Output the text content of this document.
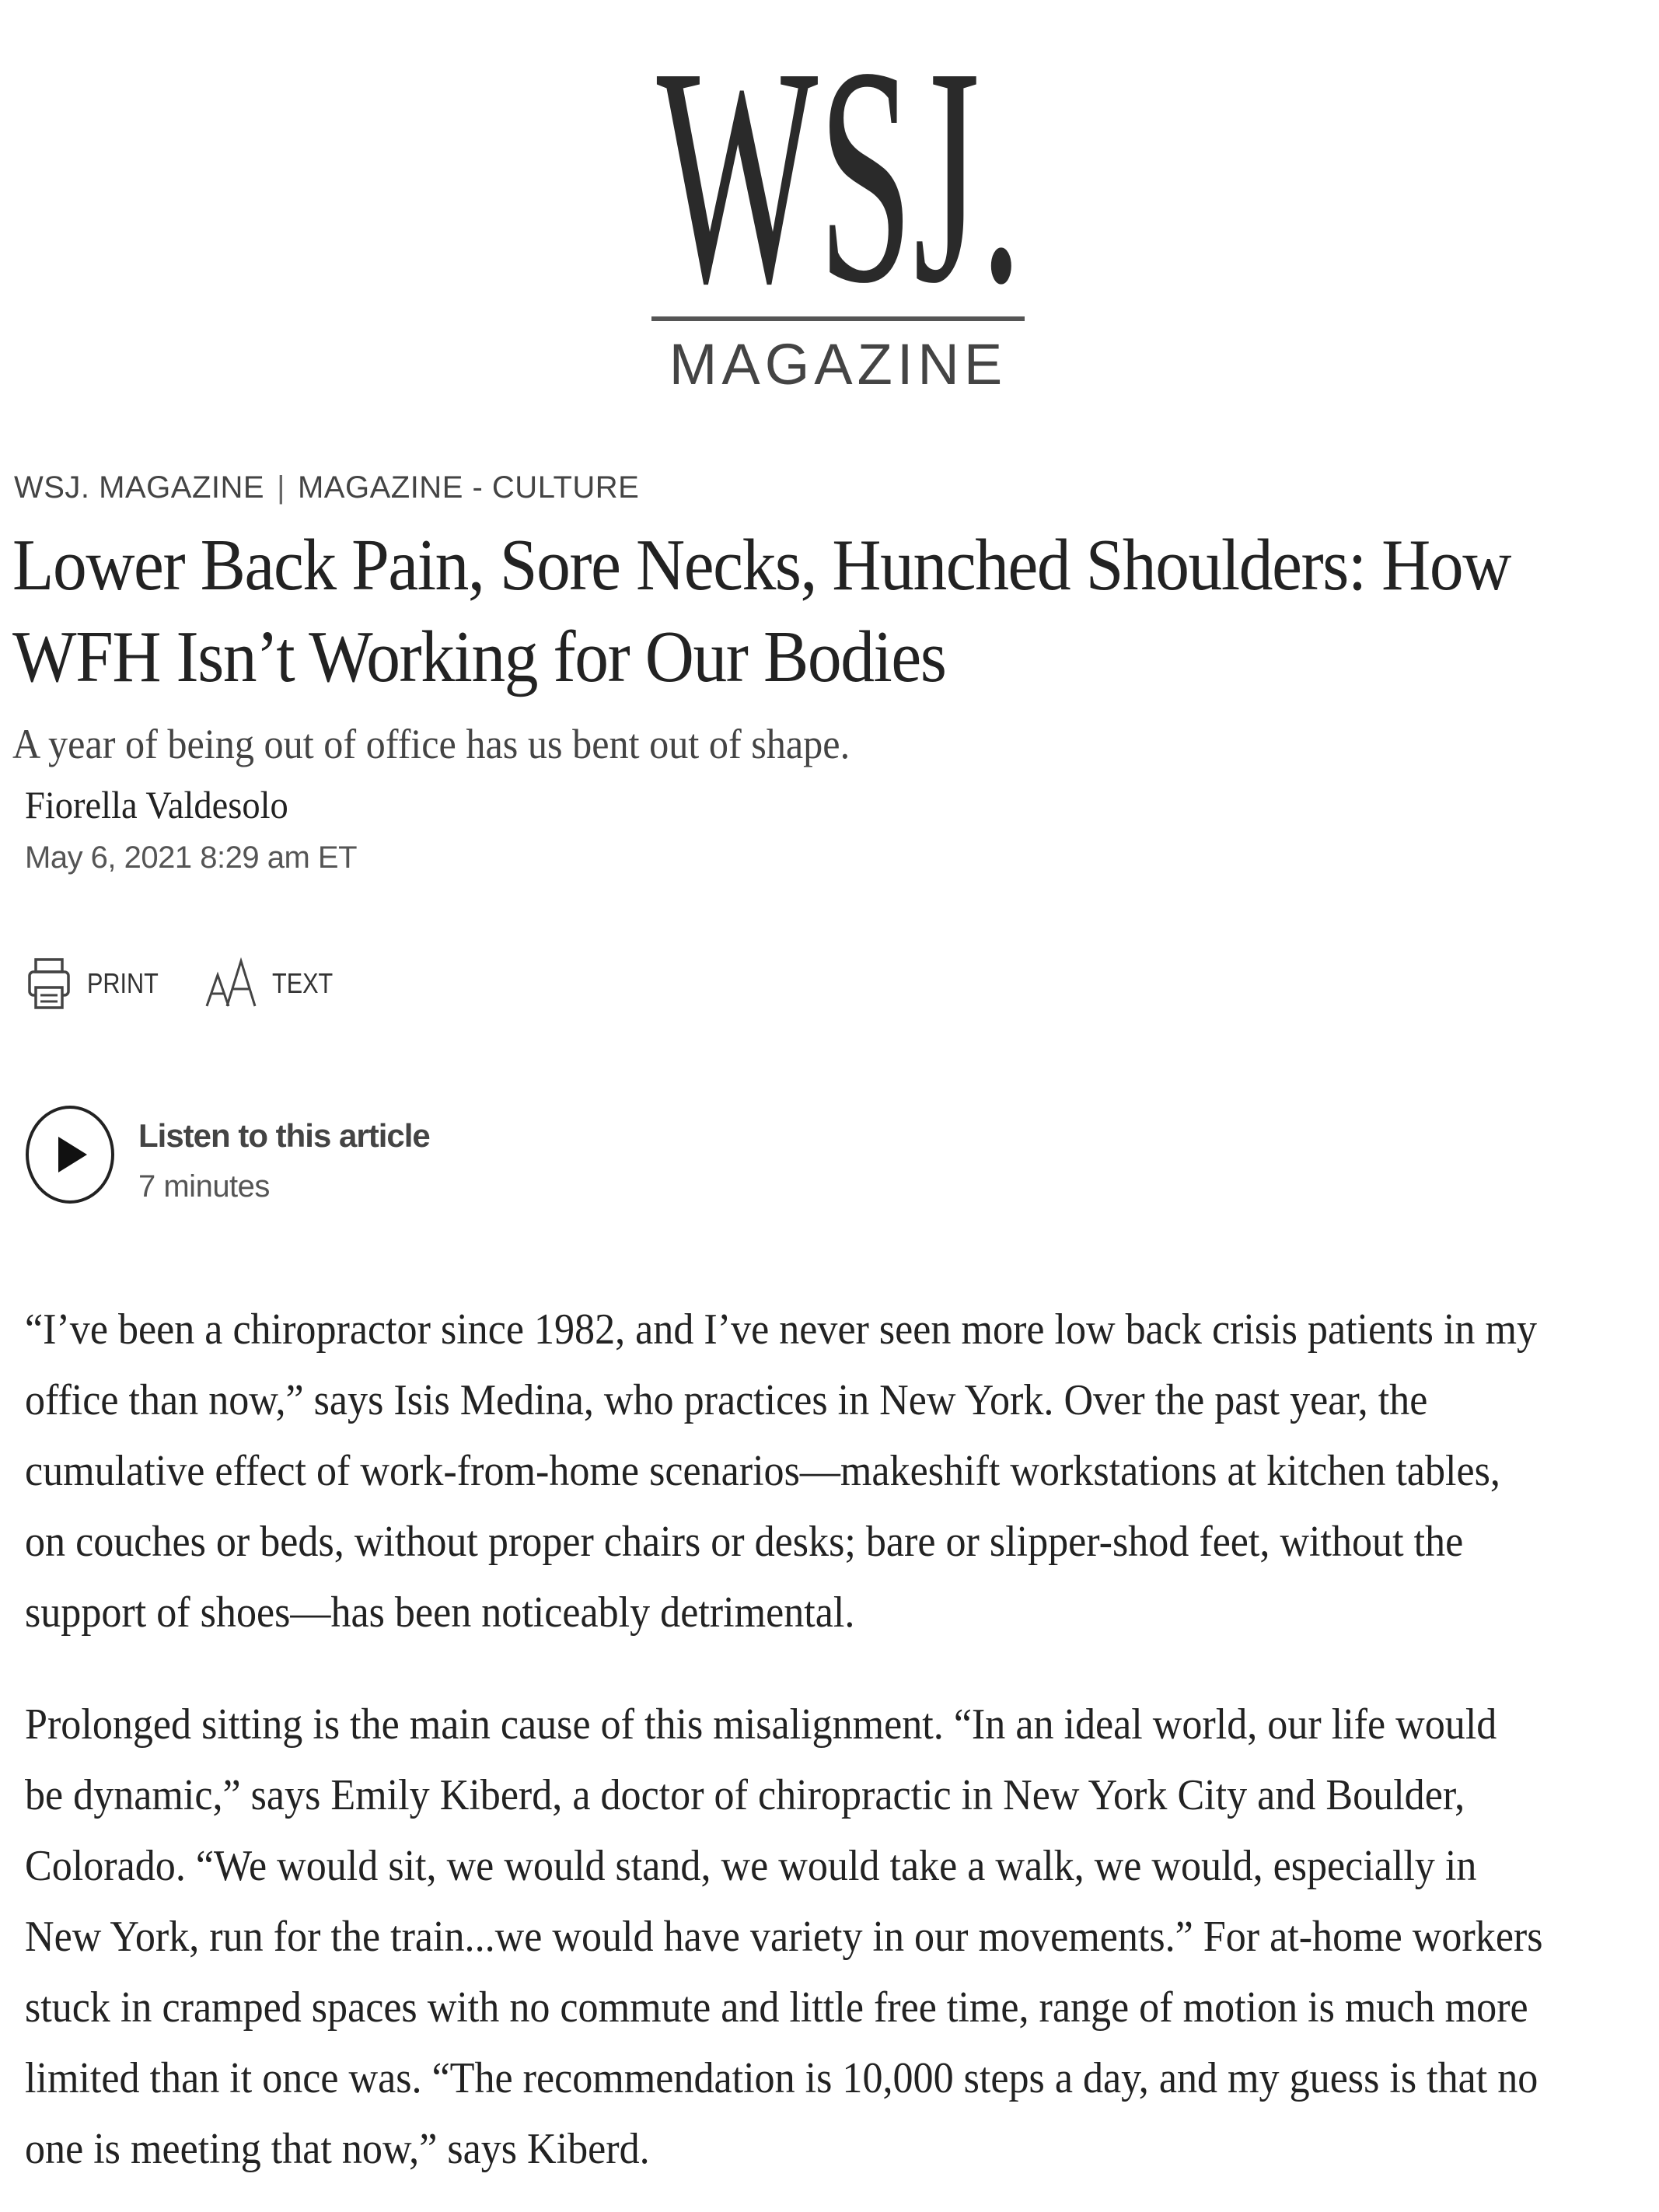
WSJ.
MAGAZINE
WSJ. MAGAZINE | MAGAZINE - CULTURE
Lower Back Pain, Sore Necks, Hunched Shoulders: How WFH Isn’t Working for Our Bodies
A year of being out of office has us bent out of shape.
Fiorella Valdesolo
May 6, 2021 8:29 am ET
PRINT	TEXT
Listen to this article
7 minutes

“I’ve been a chiropractor since 1982, and I’ve never seen more low back crisis patients in my office than now,” says Isis Medina, who practices in New York. Over the past year, the cumulative effect of work-from-home scenarios—makeshift workstations at kitchen tables, on couches or beds, without proper chairs or desks; bare or slipper-shod feet, without the support of shoes—has been noticeably detrimental.

Prolonged sitting is the main cause of this misalignment. “In an ideal world, our life would be dynamic,” says Emily Kiberd, a doctor of chiropractic in New York City and Boulder, Colorado. “We would sit, we would stand, we would take a walk, we would, especially in New York, run for the train...we would have variety in our movements.” For at-home workers stuck in cramped spaces with no commute and little free time, range of motion is much more limited than it once was. “The recommendation is 10,000 steps a day, and my guess is that no one is meeting that now,” says Kiberd.
